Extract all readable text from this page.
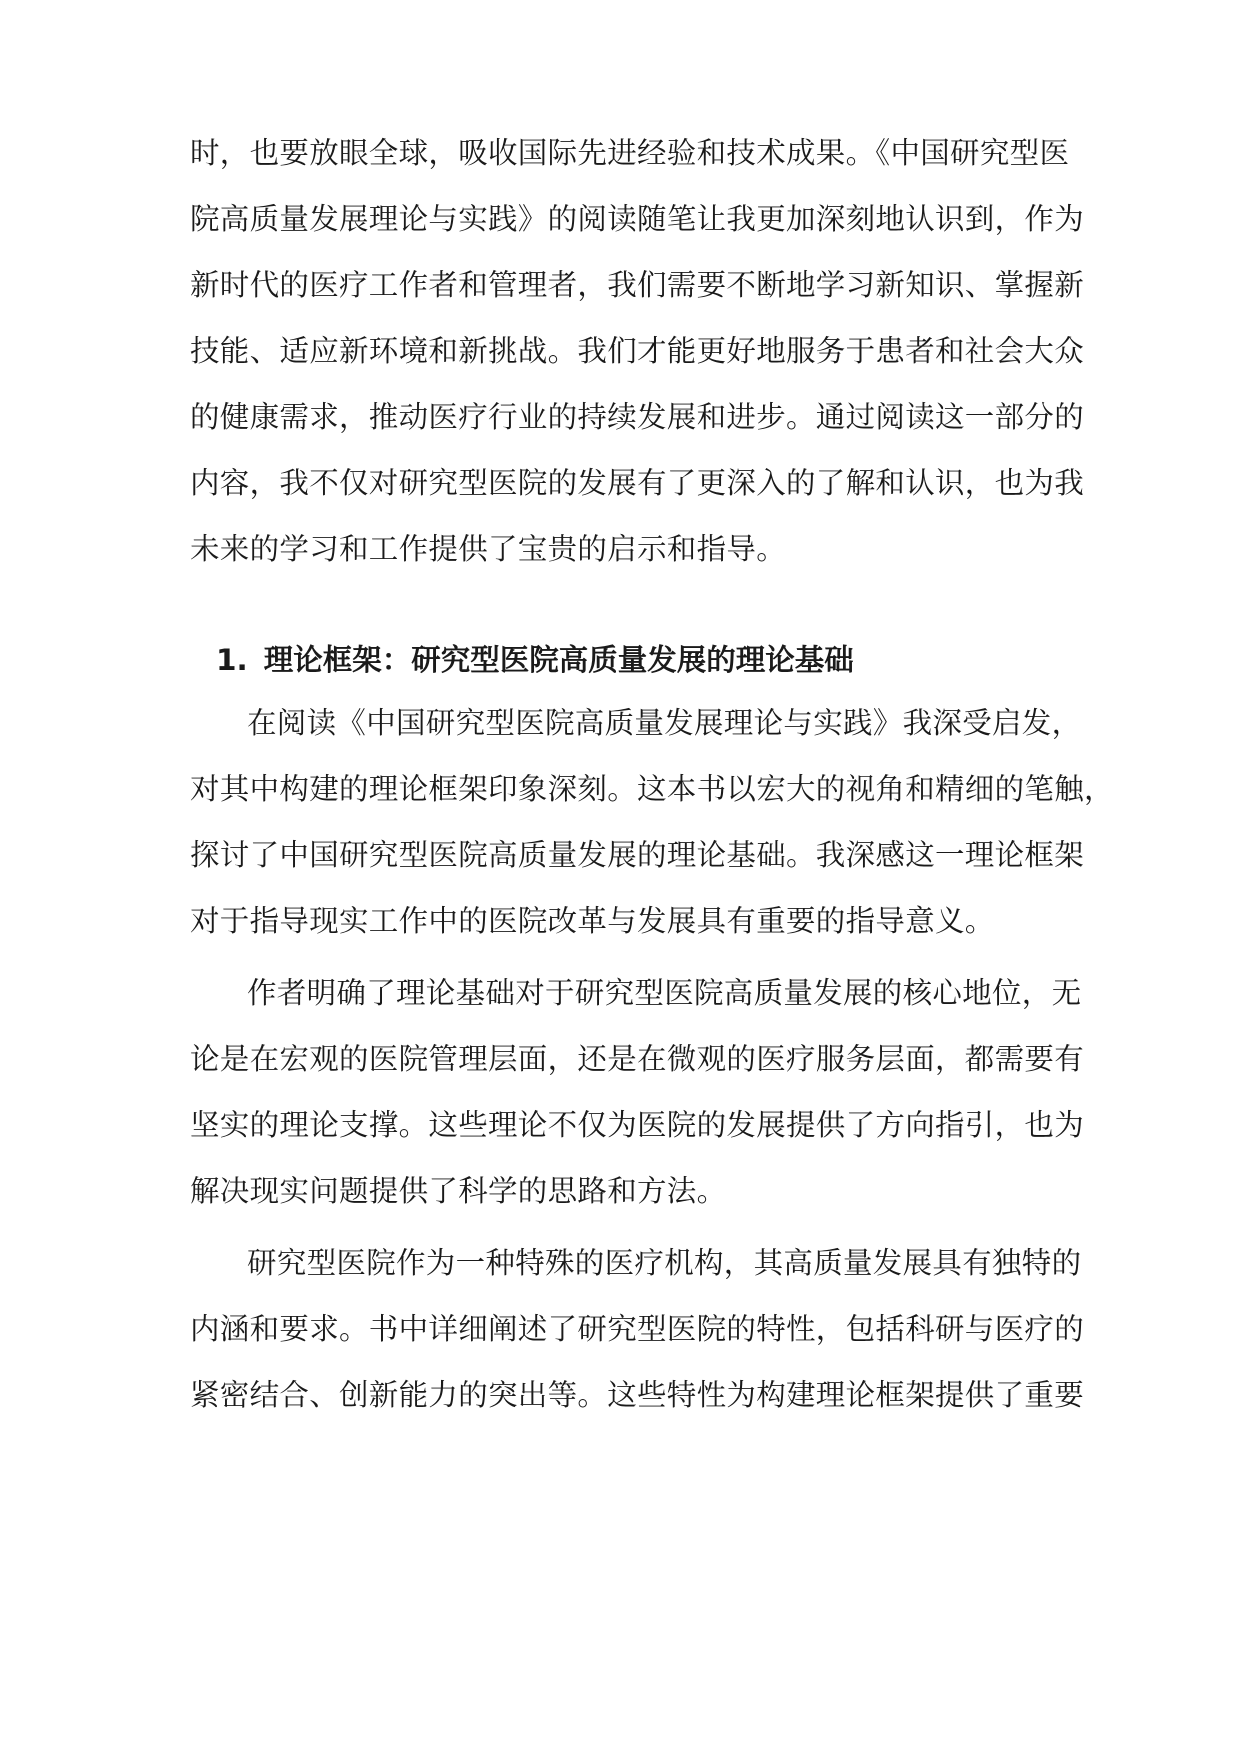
时，也要放眼全球，吸收国际先进经验和技术成果。《中国研究型医
院高质量发展理论与实践》的阅读随笔让我更加深刻地认识到，作为
新时代的医疗工作者和管理者，我们需要不断地学习新知识、掌握新
技能、适应新环境和新挑战。我们才能更好地服务于患者和社会大众
的健康需求，推动医疗行业的持续发展和进步。通过阅读这一部分的
内容，我不仅对研究型医院的发展有了更深入的了解和认识，也为我
未来的学习和工作提供了宝贵的启示和指导。
1. 理论框架：研究型医院高质量发展的理论基础
在阅读《中国研究型医院高质量发展理论与实践》我深受启发，
对其中构建的理论框架印象深刻。这本书以宏大的视角和精细的笔触，
探讨了中国研究型医院高质量发展的理论基础。我深感这一理论框架
对于指导现实工作中的医院改革与发展具有重要的指导意义。
作者明确了理论基础对于研究型医院高质量发展的核心地位，无
论是在宏观的医院管理层面，还是在微观的医疗服务层面，都需要有
坚实的理论支撑。这些理论不仅为医院的发展提供了方向指引，也为
解决现实问题提供了科学的思路和方法。
研究型医院作为一种特殊的医疗机构，其高质量发展具有独特的
内涵和要求。书中详细阐述了研究型医院的特性，包括科研与医疗的
紧密结合、创新能力的突出等。这些特性为构建理论框架提供了重要
